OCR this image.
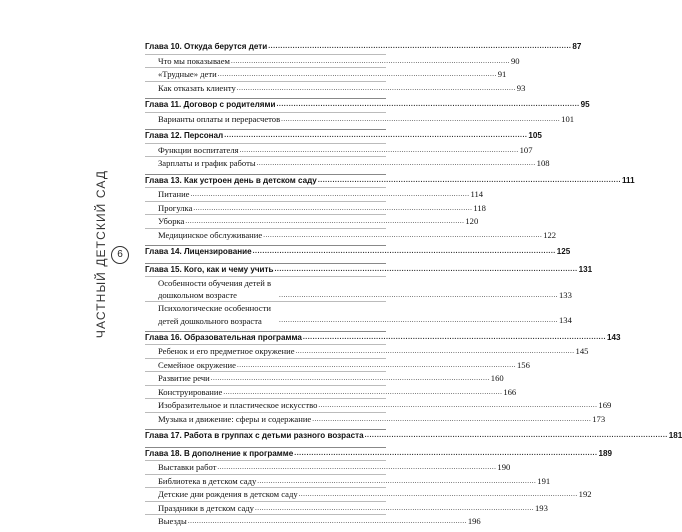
ЧАСТНЫЙ ДЕТСКИЙ САД 6
Глава 10. Откуда берутся дети .....	87
Что мы показываем .....	90
«Трудные» дети .....	91
Как отказать клиенту .....	93
Глава 11. Договор с родителями .....	95
Варианты оплаты и перерасчетов .....	101
Глава 12. Персонал .....	105
Функции воспитателя .....	107
Зарплаты и график работы .....	108
Глава 13. Как устроен день в детском саду .....	111
Питание .....	114
Прогулка .....	118
Уборка .....	120
Медицинское обслуживание .....	122
Глава 14. Лицензирование .....	125
Глава 15. Кого, как и чему учить .....	131
Особенности обучения детей в дошкольном возрасте .....	133
Психологические особенности детей дошкольного возраста .....	134
Глава 16. Образовательная программа .....	143
Ребенок и его предметное окружение .....	145
Семейное окружение .....	156
Развитие речи .....	160
Конструирование .....	166
Изобразительное и пластическое искусство .....	169
Музыка и движение: сферы и содержание .....	173
Глава 17. Работа в группах с детьми разного возраста .....	181
Глава 18. В дополнение к программе .....	189
Выставки работ .....	190
Библиотека в детском саду .....	191
Детские дни рождения в детском саду .....	192
Праздники в детском саду .....	193
Выезды .....	196
